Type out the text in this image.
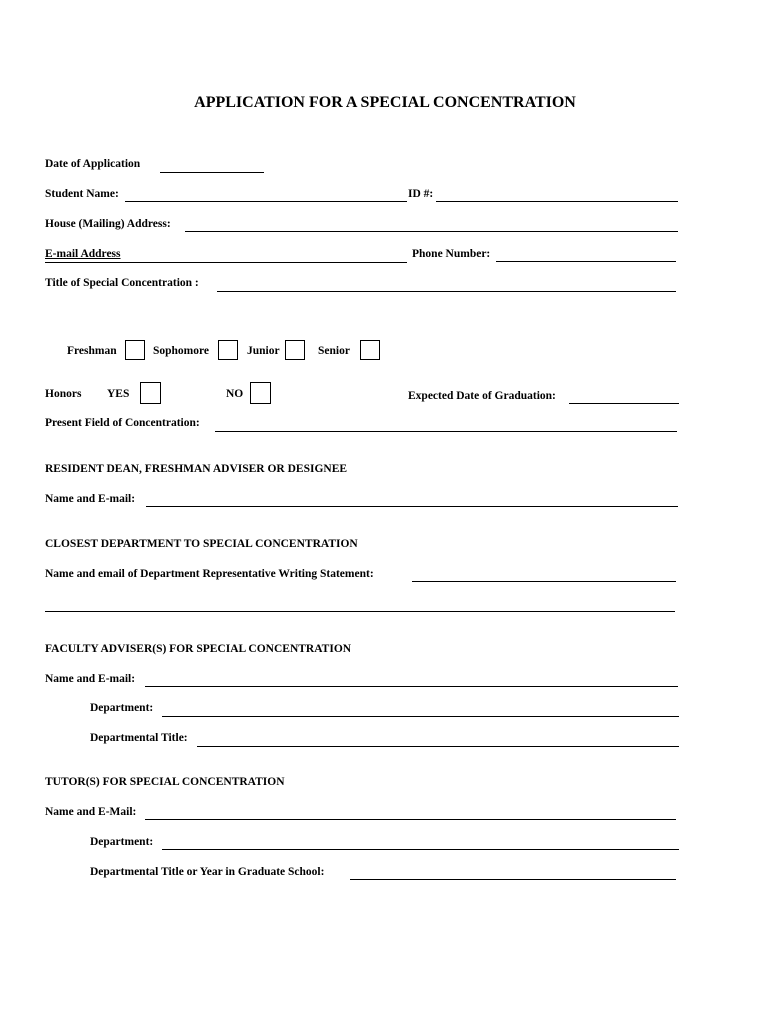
APPLICATION FOR A SPECIAL CONCENTRATION
Date of Application
Student Name:	ID #:
House (Mailing) Address:
E-mail Address	Phone Number:
Title of Special Concentration :
Freshman	Sophomore	Junior	Senior
Honors YES	NO	Expected Date of Graduation:
Present Field of Concentration:
RESIDENT DEAN, FRESHMAN ADVISER OR DESIGNEE
Name and E-mail:
CLOSEST DEPARTMENT TO SPECIAL CONCENTRATION
Name and email of Department Representative Writing Statement:
FACULTY ADVISER(S) FOR SPECIAL CONCENTRATION
Name and E-mail:
Department:
Departmental Title:
TUTOR(S) FOR SPECIAL CONCENTRATION
Name and E-Mail:
Department:
Departmental Title or Year in Graduate School:
